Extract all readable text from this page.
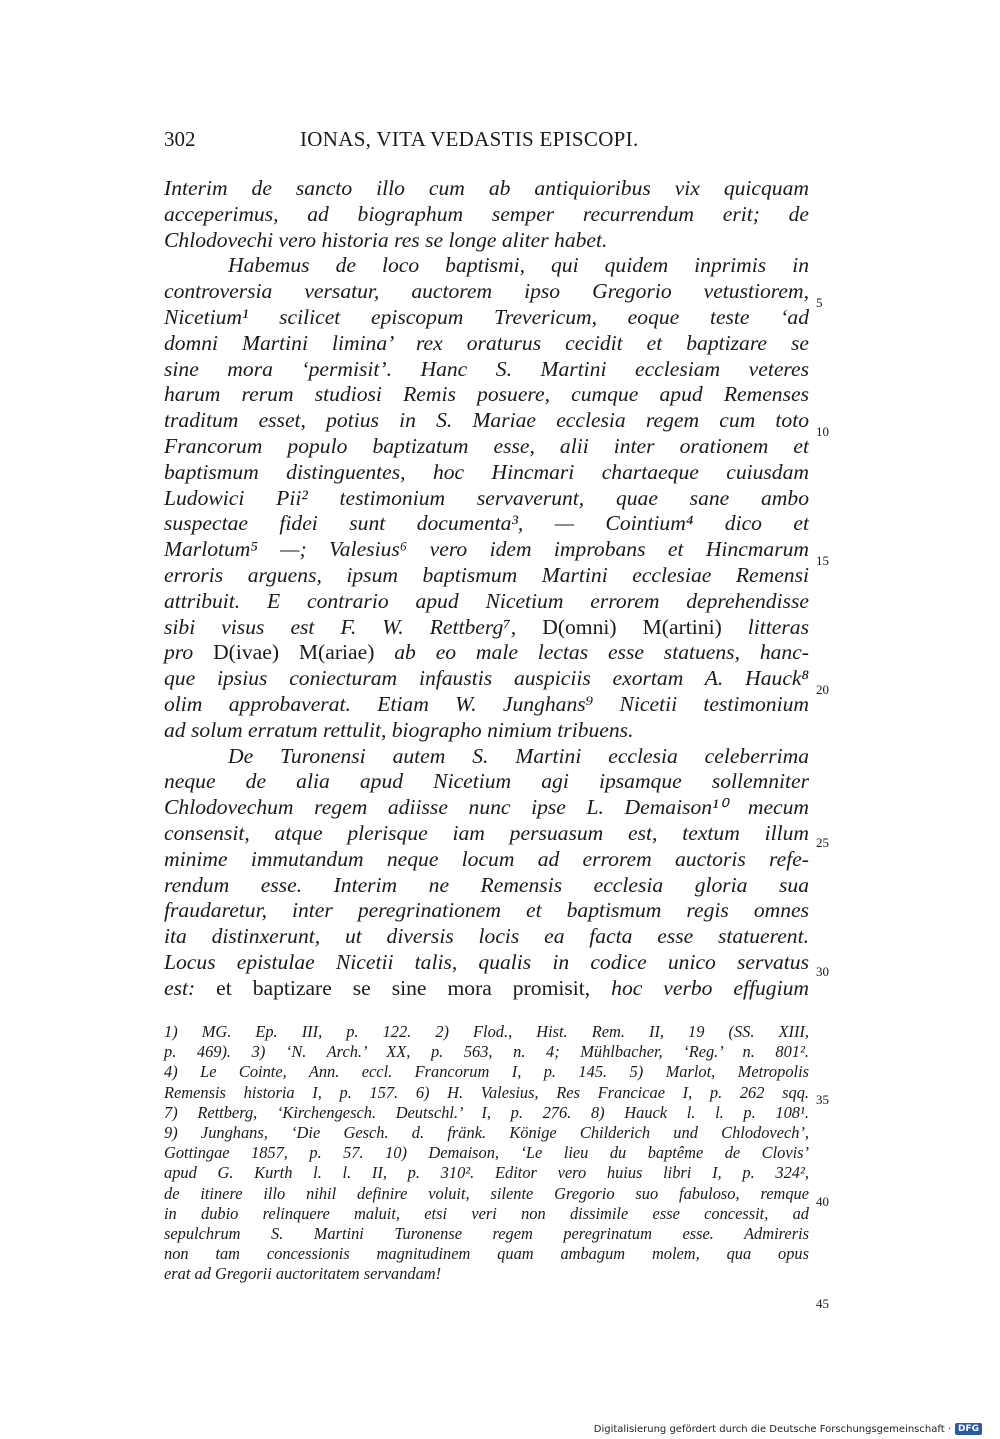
302	IONAS, VITA VEDASTIS EPISCOPI.
Interim de sancto illo cum ab antiquioribus vix quicquam
acceperimus, ad biographum semper recurrendum erit; de
Chlodovechi vero historia res se longe aliter habet.
Habemus de loco baptismi, qui quidem inprimis in
controversia versatur, auctorem ipso Gregorio vetustiorem,
Nicetium¹ scilicet episcopum Trevericum, eoque teste ‘ad
domni Martini limina’ rex oraturus cecidit et baptizare se
sine mora ‘permisit’. Hanc S. Martini ecclesiam veteres
harum rerum studiosi Remis posuere, cumque apud Remenses
traditum esset, potius in S. Mariae ecclesia regem cum toto
Francorum populo baptizatum esse, alii inter orationem et
baptismum distinguentes, hoc Hincmari chartaeque cuiusdam
Ludowici Pii² testimonium servaverunt, quae sane ambo
suspectae fidei sunt documenta³, — Cointium⁴ dico et
Marlotum⁵ —; Valesius⁶ vero idem improbans et Hincmarum
erroris arguens, ipsum baptismum Martini ecclesiae Remensi
attribuit. E contrario apud Nicetium errorem deprehendisse
sibi visus est F. W. Rettberg⁷, D(omni) M(artini) litteras
pro D(ivae) M(ariae) ab eo male lectas esse statuens, hanc-
que ipsius coniecturam infaustis auspiciis exortam A. Hauck⁸
olim approbaverat. Etiam W. Junghans⁹ Nicetii testimonium
ad solum erratum rettulit, biographo nimium tribuens.
De Turonensi autem S. Martini ecclesia celeberrima
neque de alia apud Nicetium agi ipsamque sollemniter
Chlodovechum regem adiisse nunc ipse L. Demaison¹⁰ mecum
consensit, atque plerisque iam persuasum est, textum illum
minime immutandum neque locum ad errorem auctoris refe-
rendum esse. Interim ne Remensis ecclesia gloria sua
fraudaretur, inter peregrinationem et baptismum regis omnes
ita distinxerunt, ut diversis locis ea facta esse statuerent.
Locus epistulae Nicetii talis, qualis in codice unico servatus
est: et baptizare se sine mora promisit, hoc verbo effugium
1) MG. Ep. III, p. 122. 2) Flod., Hist. Rem. II, 19 (SS. XIII,
p. 469). 3) ‘N. Arch.’ XX, p. 563, n. 4; Mühlbacher, ‘Reg.’ n. 801².
4) Le Cointe, Ann. eccl. Francorum I, p. 145. 5) Marlot, Metropolis
Remensis historia I, p. 157. 6) H. Valesius, Res Francicae I, p. 262 sqq.
7) Rettberg, ‘Kirchengesch. Deutschl.’ I, p. 276. 8) Hauck l. l. p. 108¹.
9) Junghans, ‘Die Gesch. d. fränk. Könige Childerich und Chlodovech’,
Gottingae 1857, p. 57. 10) Demaison, ‘Le lieu du baptême de Clovis’
apud G. Kurth l. l. II, p. 310². Editor vero huius libri I, p. 324²,
de itinere illo nihil definire voluit, silente Gregorio suo fabuloso, remque
in dubio relinquere maluit, etsi veri non dissimile esse concessit, ad
sepulchrum S. Martini Turonense regem peregrinatum esse. Admireris
non tam concessionis magnitudinem quam ambagum molem, qua opus
erat ad Gregorii auctoritatem servandam!
5
10
15
20
25
30
35
40
45
Digitalisierung gefördert durch die Deutsche Forschungsgemeinschaft · DFG
